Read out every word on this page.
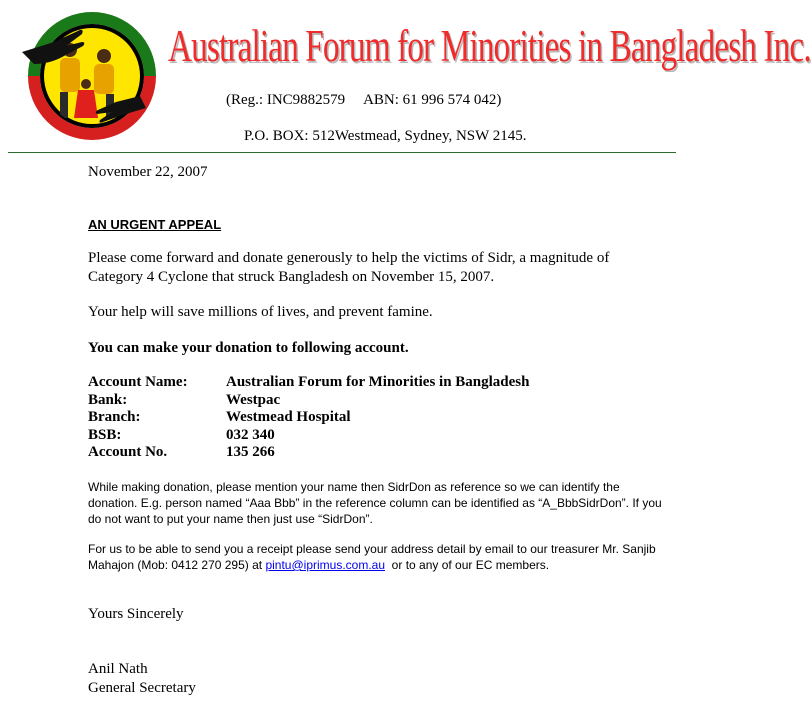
Australian Forum for Minorities in Bangladesh Inc.
(Reg.: INC9882579     ABN: 61 996 574 042)
P.O. BOX: 512Westmead, Sydney, NSW 2145.
November 22, 2007
AN URGENT APPEAL
Please come forward and donate generously to help the victims of Sidr, a magnitude of Category 4 Cyclone that struck Bangladesh on November 15, 2007.
Your help will save millions of lives, and prevent famine.
You can make your donation to following account.
Account Name:	Australian Forum for Minorities in Bangladesh
Bank:	Westpac
Branch:	Westmead Hospital
BSB:	032 340
Account No.	135 266
While making donation, please mention your name then SidrDon as reference so we can identify the donation. E.g. person named “Aaa Bbb” in the reference column can be identified as “A_BbbSidrDon”. If you do not want to put your name then just use “SidrDon”.
For us to be able to send you a receipt please send your address detail by email to our treasurer Mr. Sanjib Mahajon (Mob: 0412 270 295) at pintu@iprimus.com.au  or to any of our EC members.
Yours Sincerely
Anil Nath
General Secretary
